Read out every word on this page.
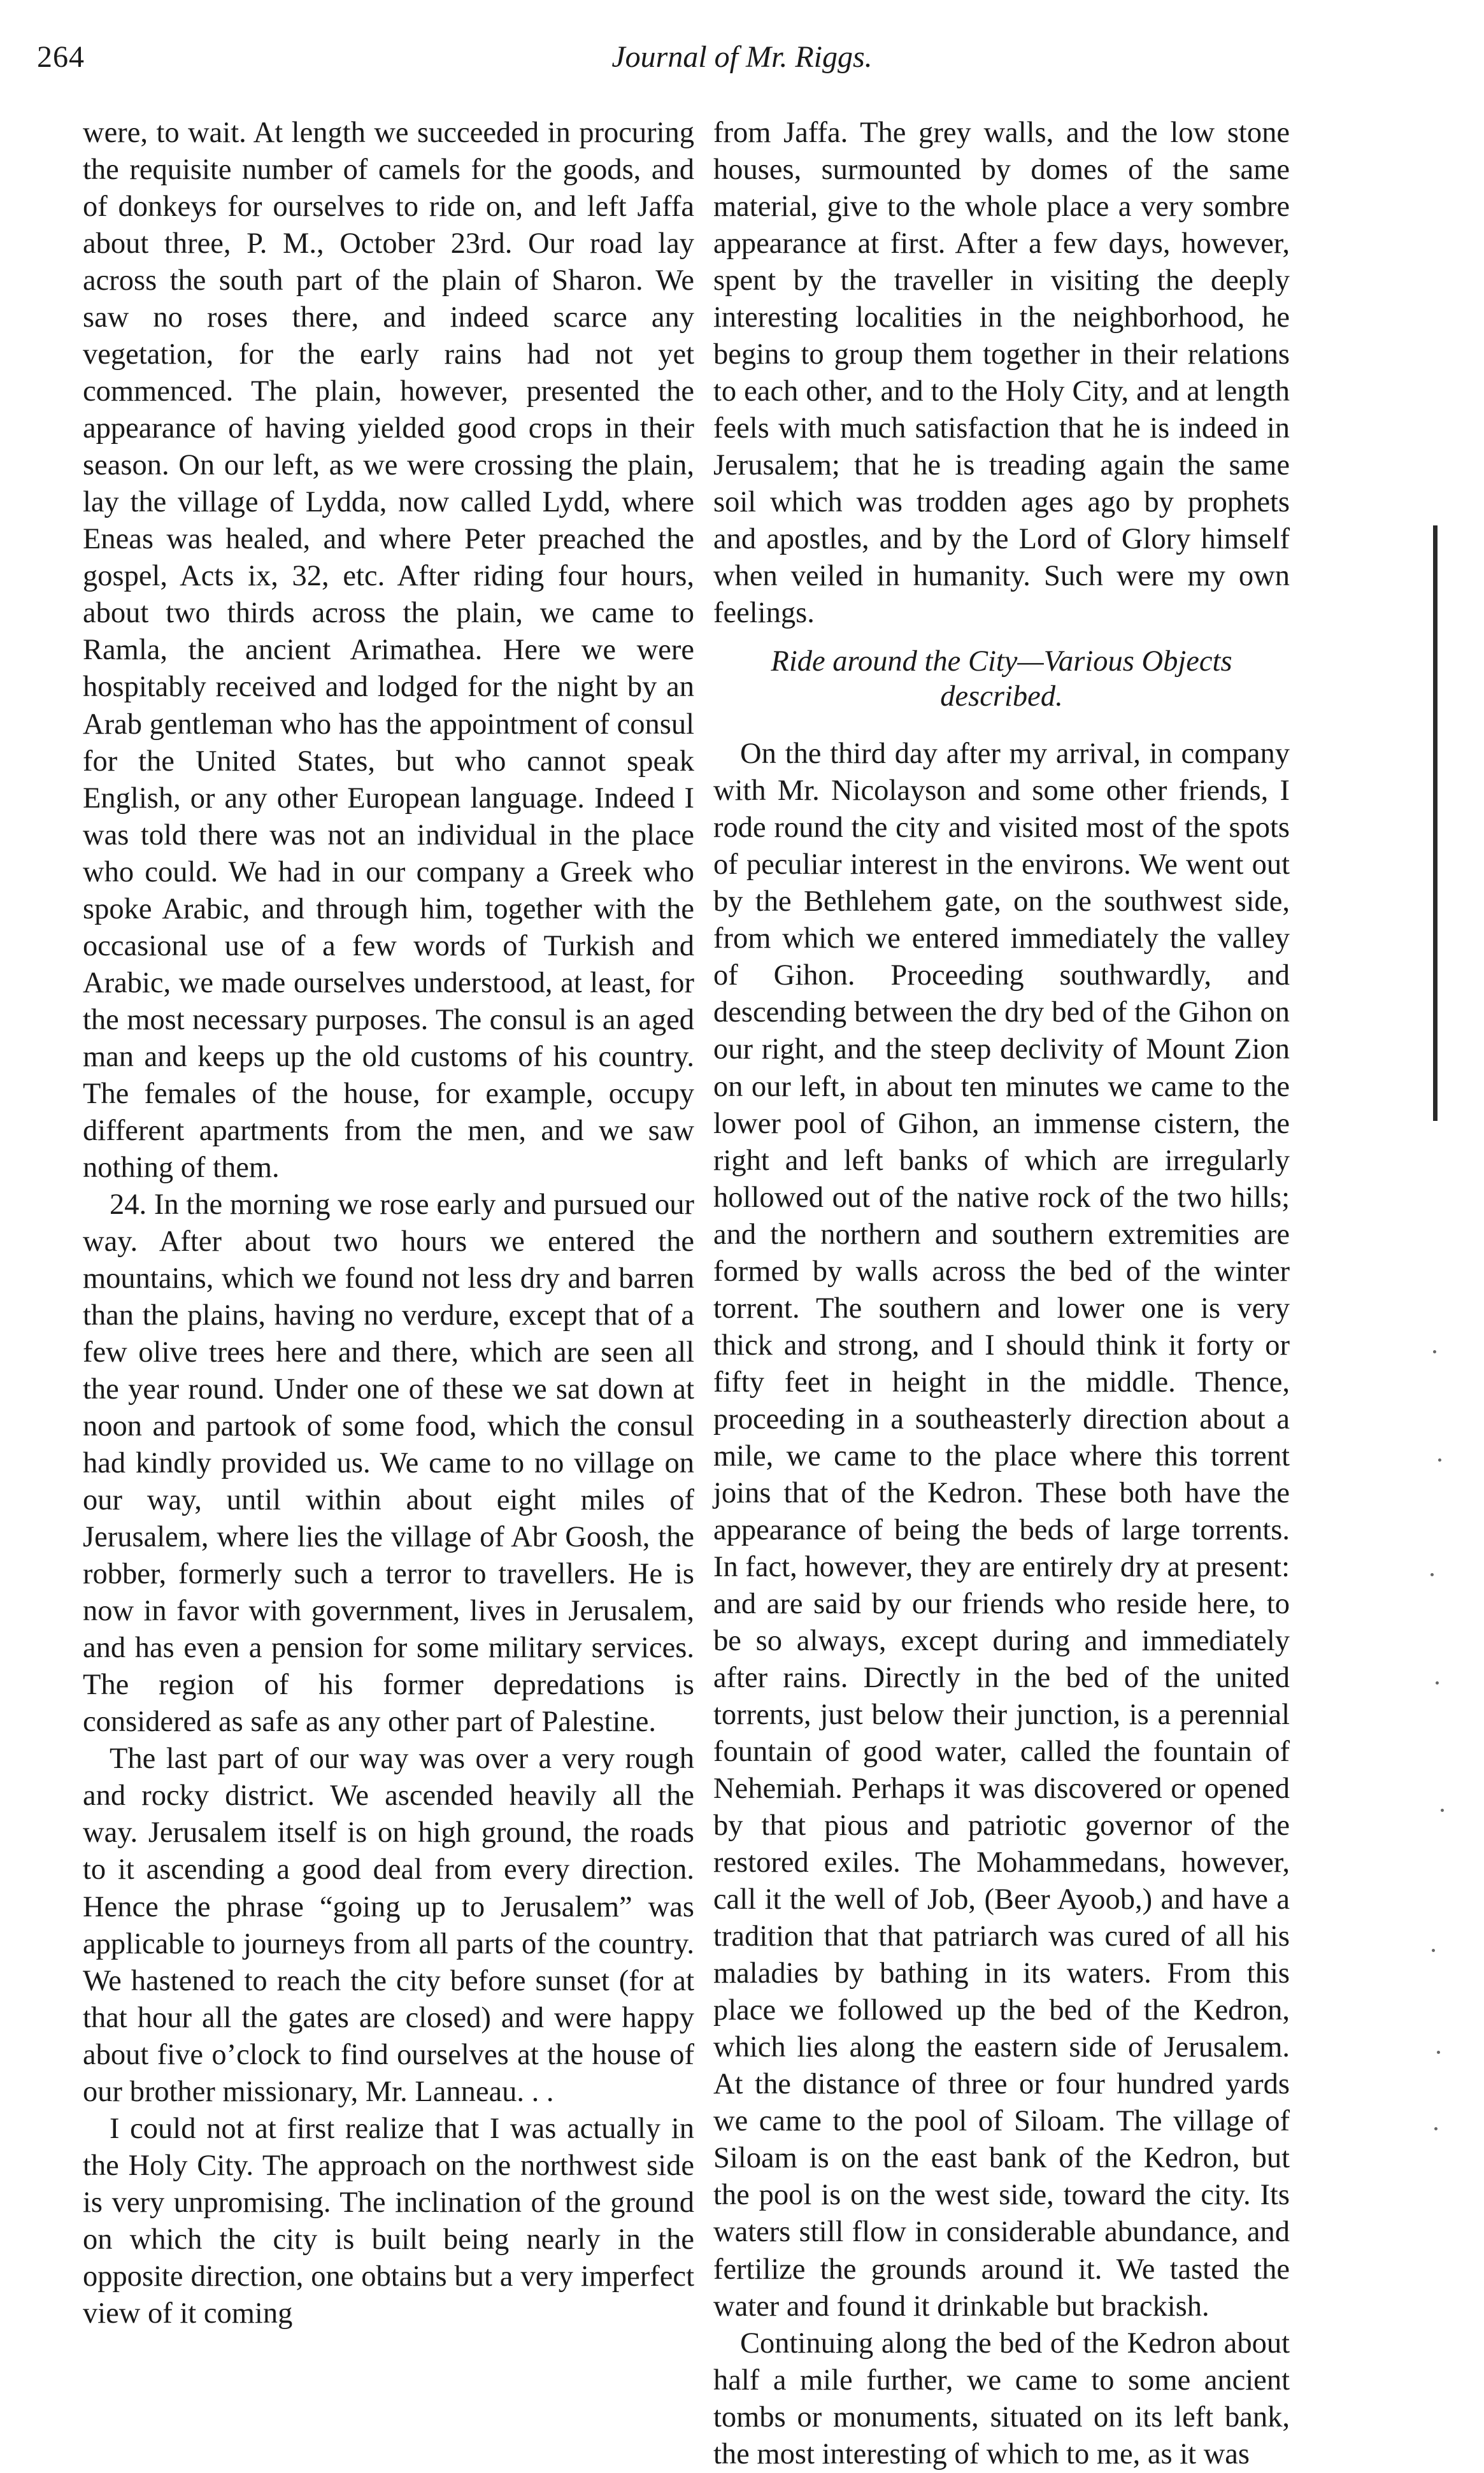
264	Journal of Mr. Riggs.

were, to wait. At length we succeeded in procuring the requisite number of camels for the goods, and of donkeys for ourselves to ride on, and left Jaffa about three, P. M., October 23rd. Our road lay across the south part of the plain of Sharon. We saw no roses there, and indeed scarce any vegetation, for the early rains had not yet commenced. The plain, however, presented the appearance of having yielded good crops in their season. On our left, as we were crossing the plain, lay the village of Lydda, now called Lydd, where Eneas was healed, and where Peter preached the gospel, Acts ix, 32, etc. After riding four hours, about two thirds across the plain, we came to Ramla, the ancient Arimathea. Here we were hospitably received and lodged for the night by an Arab gentleman who has the appointment of consul for the United States, but who cannot speak English, or any other European language. Indeed I was told there was not an individual in the place who could. We had in our company a Greek who spoke Arabic, and through him, together with the occasional use of a few words of Turkish and Arabic, we made ourselves understood, at least, for the most necessary purposes. The consul is an aged man and keeps up the old customs of his country. The females of the house, for example, occupy different apartments from the men, and we saw nothing of them.

24. In the morning we rose early and pursued our way. After about two hours we entered the mountains, which we found not less dry and barren than the plains, having no verdure, except that of a few olive trees here and there, which are seen all the year round. Under one of these we sat down at noon and partook of some food, which the consul had kindly provided us. We came to no village on our way, until within about eight miles of Jerusalem, where lies the village of Abr Goosh, the robber, formerly such a terror to travellers. He is now in favor with government, lives in Jerusalem, and has even a pension for some military services. The region of his former depredations is considered as safe as any other part of Palestine.

The last part of our way was over a very rough and rocky district. We ascended heavily all the way. Jerusalem itself is on high ground, the roads to it ascending a good deal from every direction. Hence the phrase “going up to Jerusalem” was applicable to journeys from all parts of the country. We hastened to reach the city before sunset (for at that hour all the gates are closed) and were happy about five o’clock to find ourselves at the house of our brother missionary, Mr. Lanneau. . .

I could not at first realize that I was actually in the Holy City. The approach on the northwest side is very unpromising. The inclination of the ground on which the city is built being nearly in the opposite direction, one obtains but a very imperfect view of it coming

from Jaffa. The grey walls, and the low stone houses, surmounted by domes of the same material, give to the whole place a very sombre appearance at first. After a few days, however, spent by the traveller in visiting the deeply interesting localities in the neighborhood, he begins to group them together in their relations to each other, and to the Holy City, and at length feels with much satisfaction that he is indeed in Jerusalem; that he is treading again the same soil which was trodden ages ago by prophets and apostles, and by the Lord of Glory himself when veiled in humanity. Such were my own feelings.

Ride around the City—Various Objects described.

On the third day after my arrival, in company with Mr. Nicolayson and some other friends, I rode round the city and visited most of the spots of peculiar interest in the environs. We went out by the Bethlehem gate, on the southwest side, from which we entered immediately the valley of Gihon. Proceeding southwardly, and descending between the dry bed of the Gihon on our right, and the steep declivity of Mount Zion on our left, in about ten minutes we came to the lower pool of Gihon, an immense cistern, the right and left banks of which are irregularly hollowed out of the native rock of the two hills; and the northern and southern extremities are formed by walls across the bed of the winter torrent. The southern and lower one is very thick and strong, and I should think it forty or fifty feet in height in the middle. Thence, proceeding in a southeasterly direction about a mile, we came to the place where this torrent joins that of the Kedron. These both have the appearance of being the beds of large torrents. In fact, however, they are entirely dry at present: and are said by our friends who reside here, to be so always, except during and immediately after rains. Directly in the bed of the united torrents, just below their junction, is a perennial fountain of good water, called the fountain of Nehemiah. Perhaps it was discovered or opened by that pious and patriotic governor of the restored exiles. The Mohammedans, however, call it the well of Job, (Beer Ayoob,) and have a tradition that that patriarch was cured of all his maladies by bathing in its waters. From this place we followed up the bed of the Kedron, which lies along the eastern side of Jerusalem. At the distance of three or four hundred yards we came to the pool of Siloam. The village of Siloam is on the east bank of the Kedron, but the pool is on the west side, toward the city. Its waters still flow in considerable abundance, and fertilize the grounds around it. We tasted the water and found it drinkable but brackish.

Continuing along the bed of the Kedron about half a mile further, we came to some ancient tombs or monuments, situated on its left bank, the most interesting of which to me, as it was
